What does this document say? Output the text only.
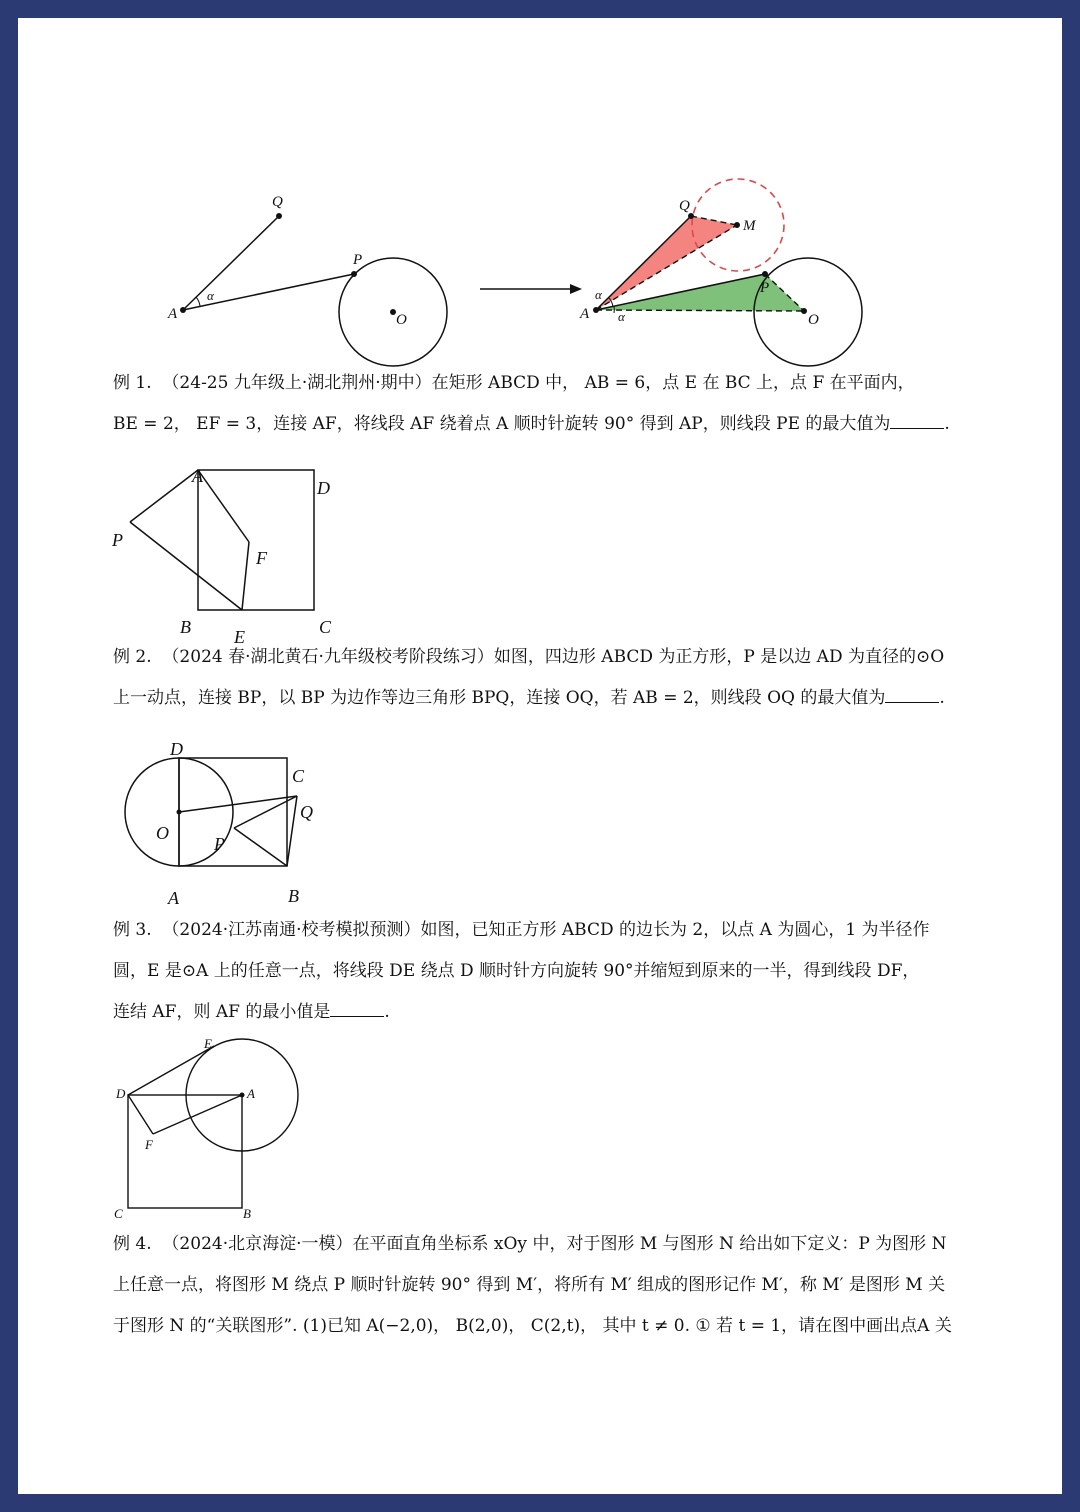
Q
P
A	O
α
Q
M
P
A	O
α
α

例 1.  （24-25 九年级上·湖北荆州·期中）在矩形 ABCD 中， AB = 6，点 E 在 BC 上，点 F 在平面内，
BE = 2， EF = 3，连接 AF，将线段 AF 绕着点 A 顺时针旋转 90° 得到 AP，则线段 PE 的最大值为	.

A
D
P
F
B E	C

例 2.  （2024 春·湖北黄石·九年级校考阶段练习）如图，四边形 ABCD 为正方形，P 是以边 AD 为直径的⊙O
上一动点，连接 BP，以 BP 为边作等边三角形 BPQ，连接 OQ，若 AB = 2，则线段 OQ 的最大值为	.

D
C
Q
O
P
A	B

例 3.  （2024·江苏南通·校考模拟预测）如图，已知正方形 ABCD 的边长为 2，以点 A 为圆心，1 为半径作
圆，E 是⊙A 上的任意一点，将线段 DE 绕点 D 顺时针方向旋转 90°并缩短到原来的一半，得到线段 DF，
连结 AF，则 AF 的最小值是	.

E
D	A
F
C	B

例 4.  （2024·北京海淀·一模）在平面直角坐标系 xOy 中，对于图形 M 与图形 N 给出如下定义：P 为图形 N
上任意一点，将图形 M 绕点 P 顺时针旋转 90° 得到 M′，将所有 M′ 组成的图形记作 M′，称 M′ 是图形 M 关
于图形 N 的“关联图形”. (1)已知 A(−2,0)， B(2,0)， C(2,t)， 其中 t ≠ 0. ① 若 t = 1，请在图中画出点A 关
